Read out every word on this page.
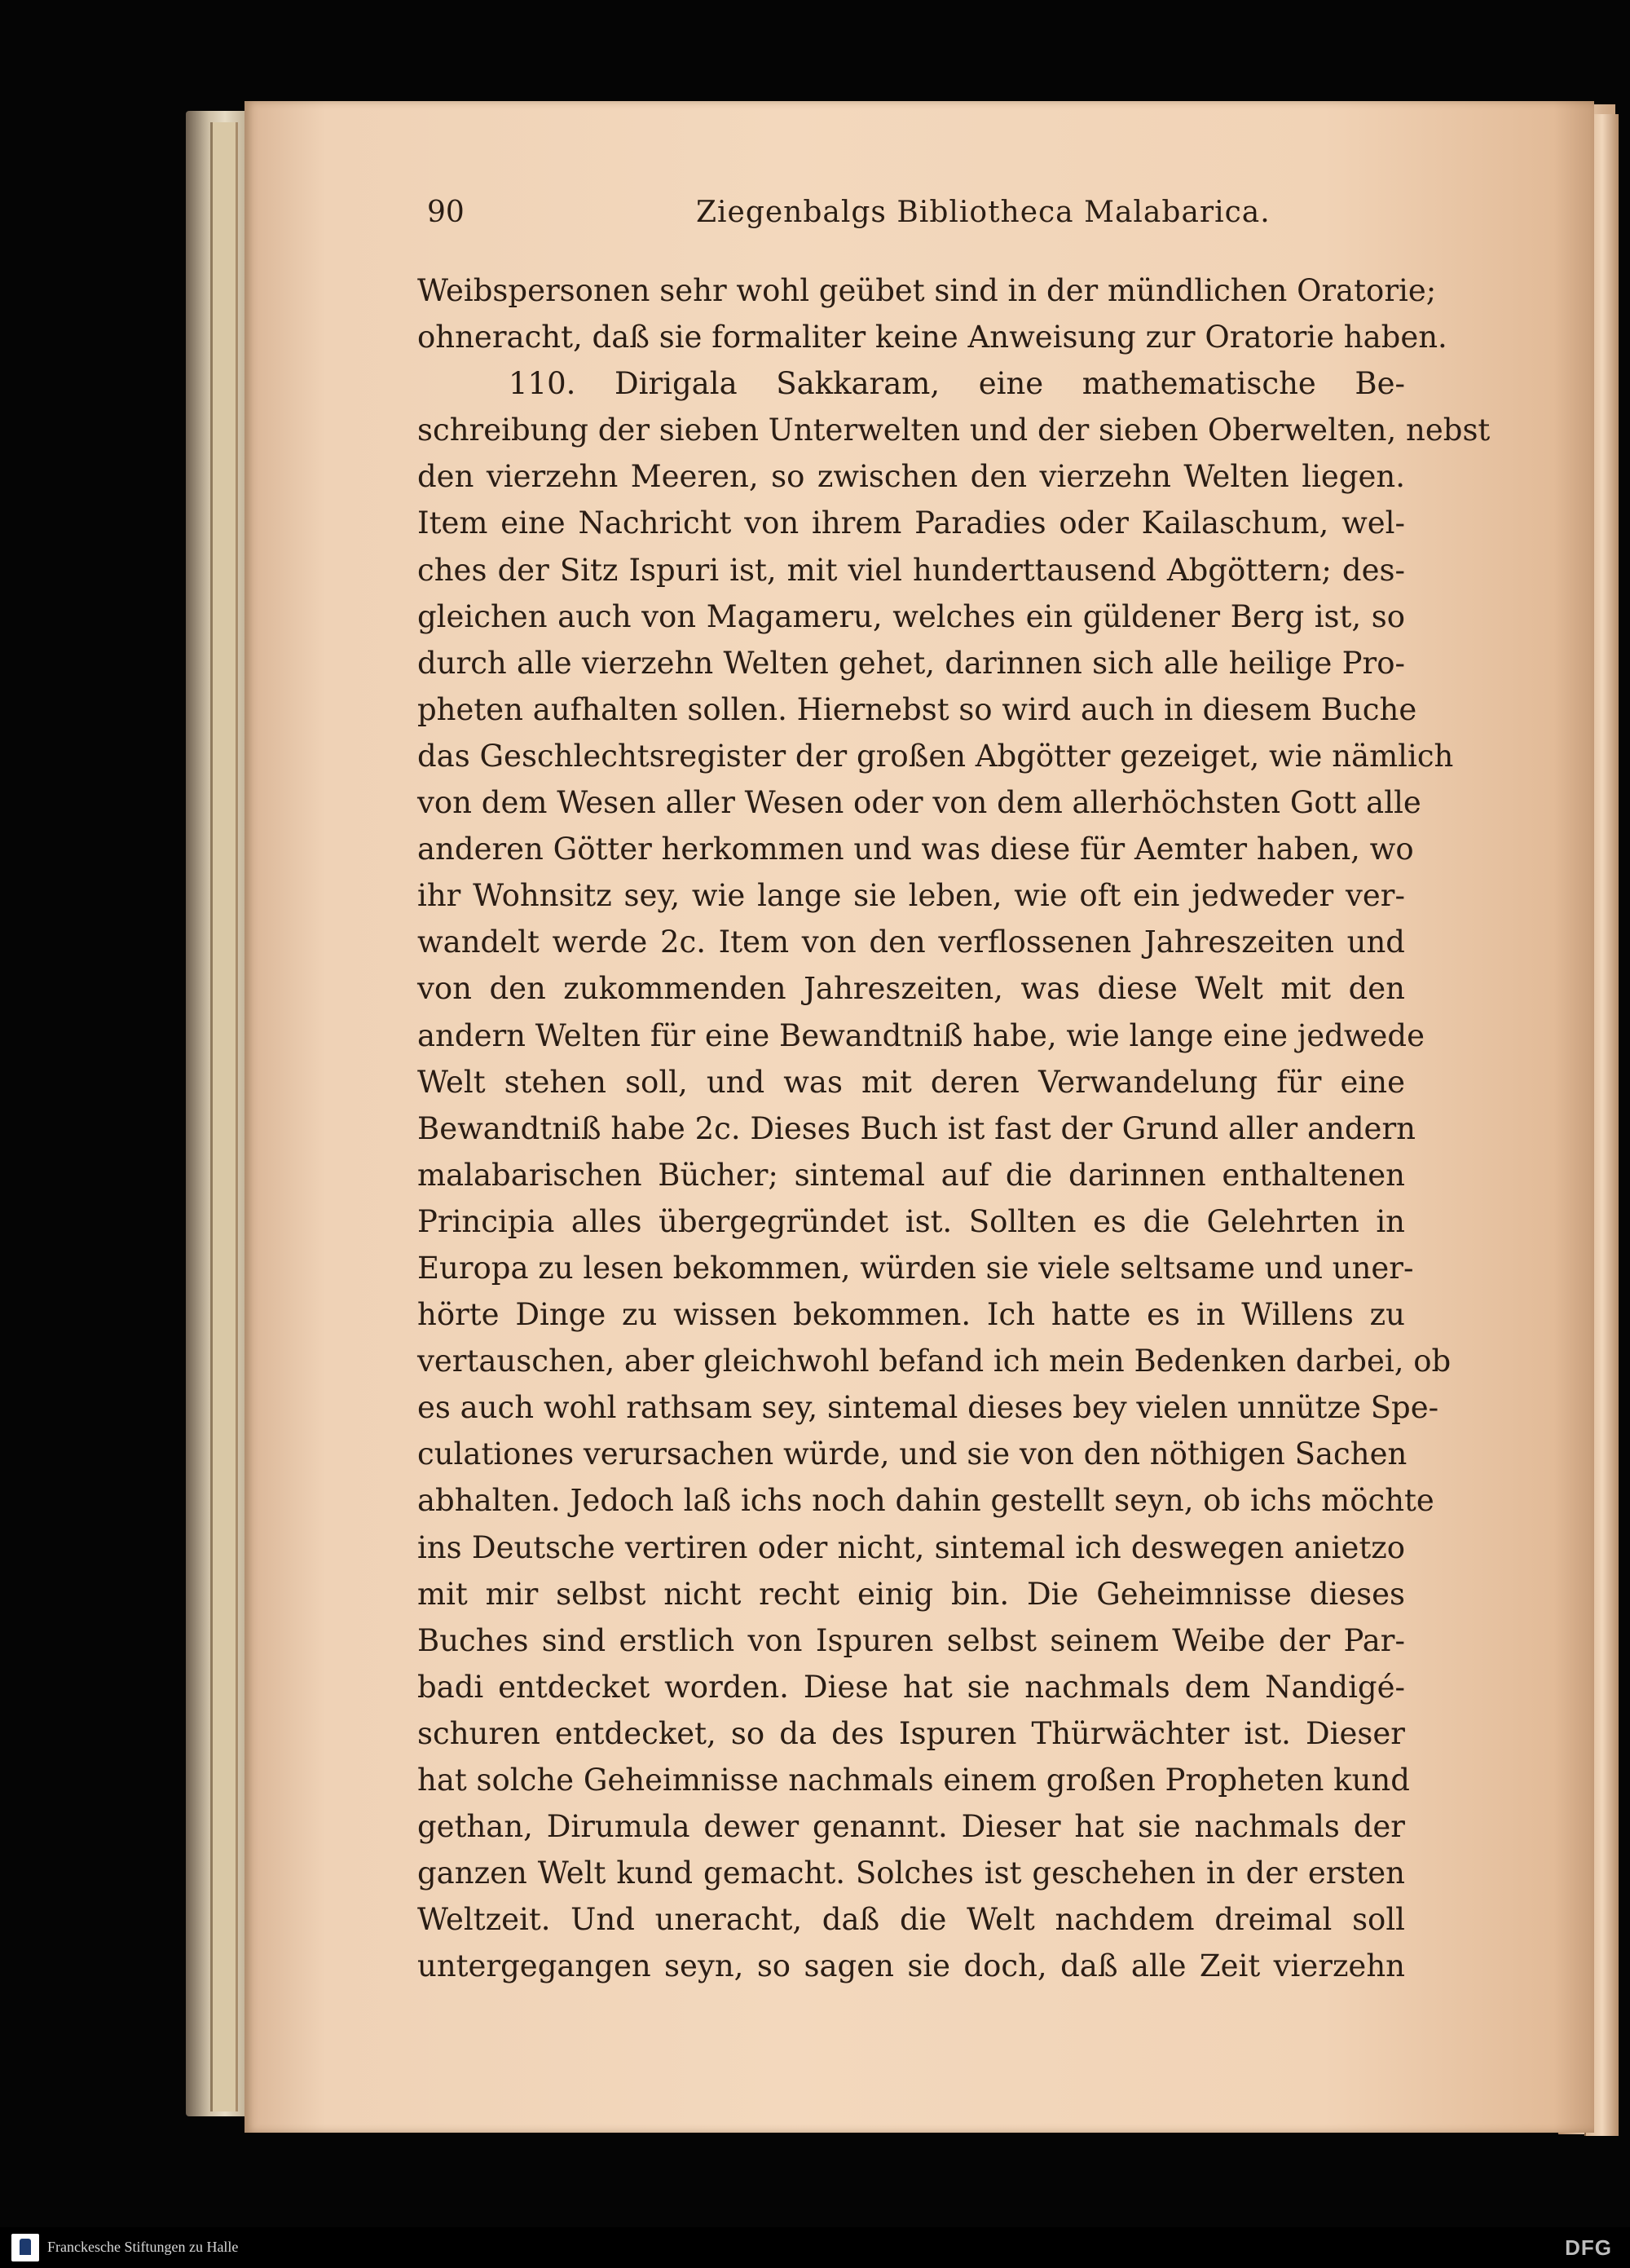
90	Ziegenbalgs Bibliotheca Malabarica.
Weibspersonen sehr wohl geübet sind in der mündlichen Oratorie;
ohneracht, daß sie formaliter keine Anweisung zur Oratorie haben.
110. Dirigala Sakkaram, eine mathematische Be-
schreibung der sieben Unterwelten und der sieben Oberwelten, nebst
den vierzehn Meeren, so zwischen den vierzehn Welten liegen.
Item eine Nachricht von ihrem Paradies oder Kailaschum, wel-
ches der Sitz Ispuri ist, mit viel hunderttausend Abgöttern; des-
gleichen auch von Magameru, welches ein güldener Berg ist, so
durch alle vierzehn Welten gehet, darinnen sich alle heilige Pro-
pheten aufhalten sollen. Hiernebst so wird auch in diesem Buche
das Geschlechtsregister der großen Abgötter gezeiget, wie nämlich
von dem Wesen aller Wesen oder von dem allerhöchsten Gott alle
anderen Götter herkommen und was diese für Aemter haben, wo
ihr Wohnsitz sey, wie lange sie leben, wie oft ein jedweder ver-
wandelt werde 2c. Item von den verflossenen Jahreszeiten und
von den zukommenden Jahreszeiten, was diese Welt mit den
andern Welten für eine Bewandtniß habe, wie lange eine jedwede
Welt stehen soll, und was mit deren Verwandelung für eine
Bewandtniß habe 2c. Dieses Buch ist fast der Grund aller andern
malabarischen Bücher; sintemal auf die darinnen enthaltenen
Principia alles übergegründet ist. Sollten es die Gelehrten in
Europa zu lesen bekommen, würden sie viele seltsame und uner-
hörte Dinge zu wissen bekommen. Ich hatte es in Willens zu
vertauschen, aber gleichwohl befand ich mein Bedenken darbei, ob
es auch wohl rathsam sey, sintemal dieses bey vielen unnütze Spe-
culationes verursachen würde, und sie von den nöthigen Sachen
abhalten. Jedoch laß ichs noch dahin gestellt seyn, ob ichs möchte
ins Deutsche vertiren oder nicht, sintemal ich deswegen anietzo
mit mir selbst nicht recht einig bin. Die Geheimnisse dieses
Buches sind erstlich von Ispuren selbst seinem Weibe der Par-
badi entdecket worden. Diese hat sie nachmals dem Nandigé-
schuren entdecket, so da des Ispuren Thürwächter ist. Dieser
hat solche Geheimnisse nachmals einem großen Propheten kund
gethan, Dirumula dewer genannt. Dieser hat sie nachmals der
ganzen Welt kund gemacht. Solches ist geschehen in der ersten
Weltzeit. Und uneracht, daß die Welt nachdem dreimal soll
untergegangen seyn, so sagen sie doch, daß alle Zeit vierzehn
Franckesche Stiftungen zu Halle	DFG
